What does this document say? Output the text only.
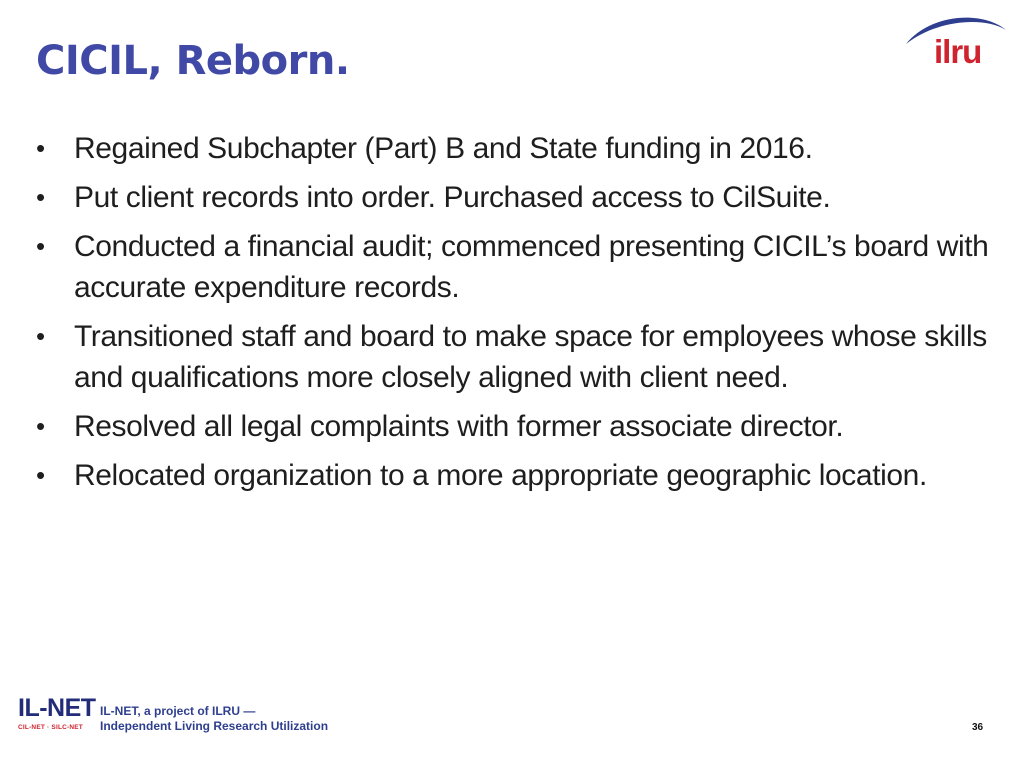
CICIL, Reborn.	ilru
• Regained Subchapter (Part) B and State funding in 2016.
• Put client records into order. Purchased access to CilSuite.
• Conducted a financial audit; commenced presenting CICIL’s board with accurate expenditure records.
• Transitioned staff and board to make space for employees whose skills and qualifications more closely aligned with client need.
• Resolved all legal complaints with former associate director.
• Relocated organization to a more appropriate geographic location.
IL-NET
CIL-NET · SILC-NET
IL-NET, a project of ILRU —
Independent Living Research Utilization	36
